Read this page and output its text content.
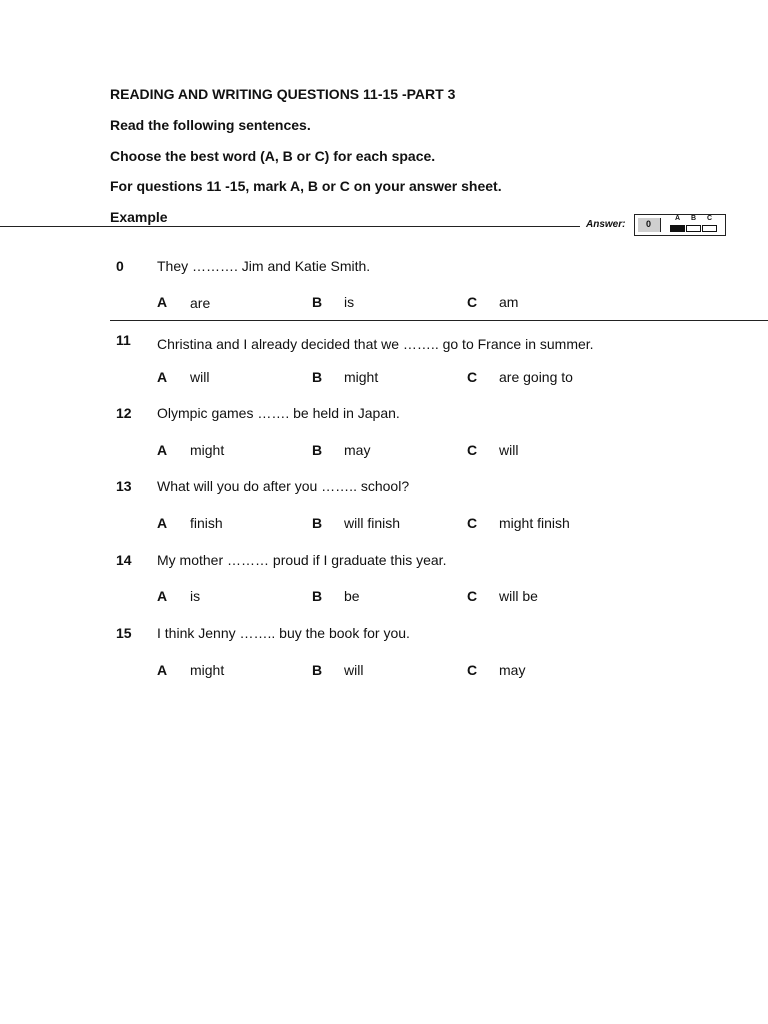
READING AND WRITING QUESTIONS 11-15 -PART 3
Read the following sentences.
Choose the best word (A, B or C) for each space.
For questions 11 -15, mark A, B or C on your answer sheet.
Example	Answer: 0
A B C
0 They ………. Jim and Katie Smith.
A are	B is	C am
11 Christina and I already decided that we …….. go to France in summer.
A will	B might	C are going to
12 Olympic games ……. be held in Japan.
A might	B may	C will
13 What will you do after you …….. school?
A finish	B will finish	C might finish
14 My mother ……… proud if I graduate this year.
A is	B be	C will be
15 I think Jenny …….. buy the book for you.
A might	B will	C may
